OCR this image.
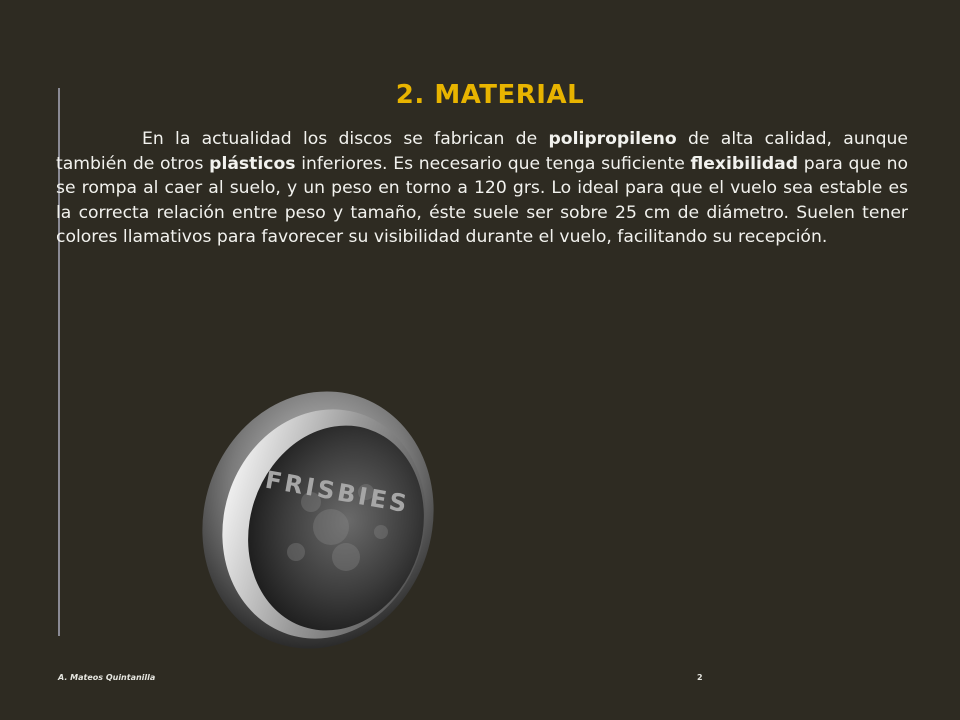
2. MATERIAL

En la actualidad los discos se fabrican de polipropileno de alta calidad, aunque también de otros plásticos inferiores. Es necesario que tenga suficiente flexibilidad para que no se rompa al caer al suelo, y un peso en torno a 120 grs. Lo ideal para que el vuelo sea estable es la correcta relación entre peso y tamaño, éste suele ser sobre 25 cm de diámetro. Suelen tener colores llamativos para favorecer su visibilidad durante el vuelo, facilitando su recepción.

FRISBIES
A. Mateos Quintanilla	2
